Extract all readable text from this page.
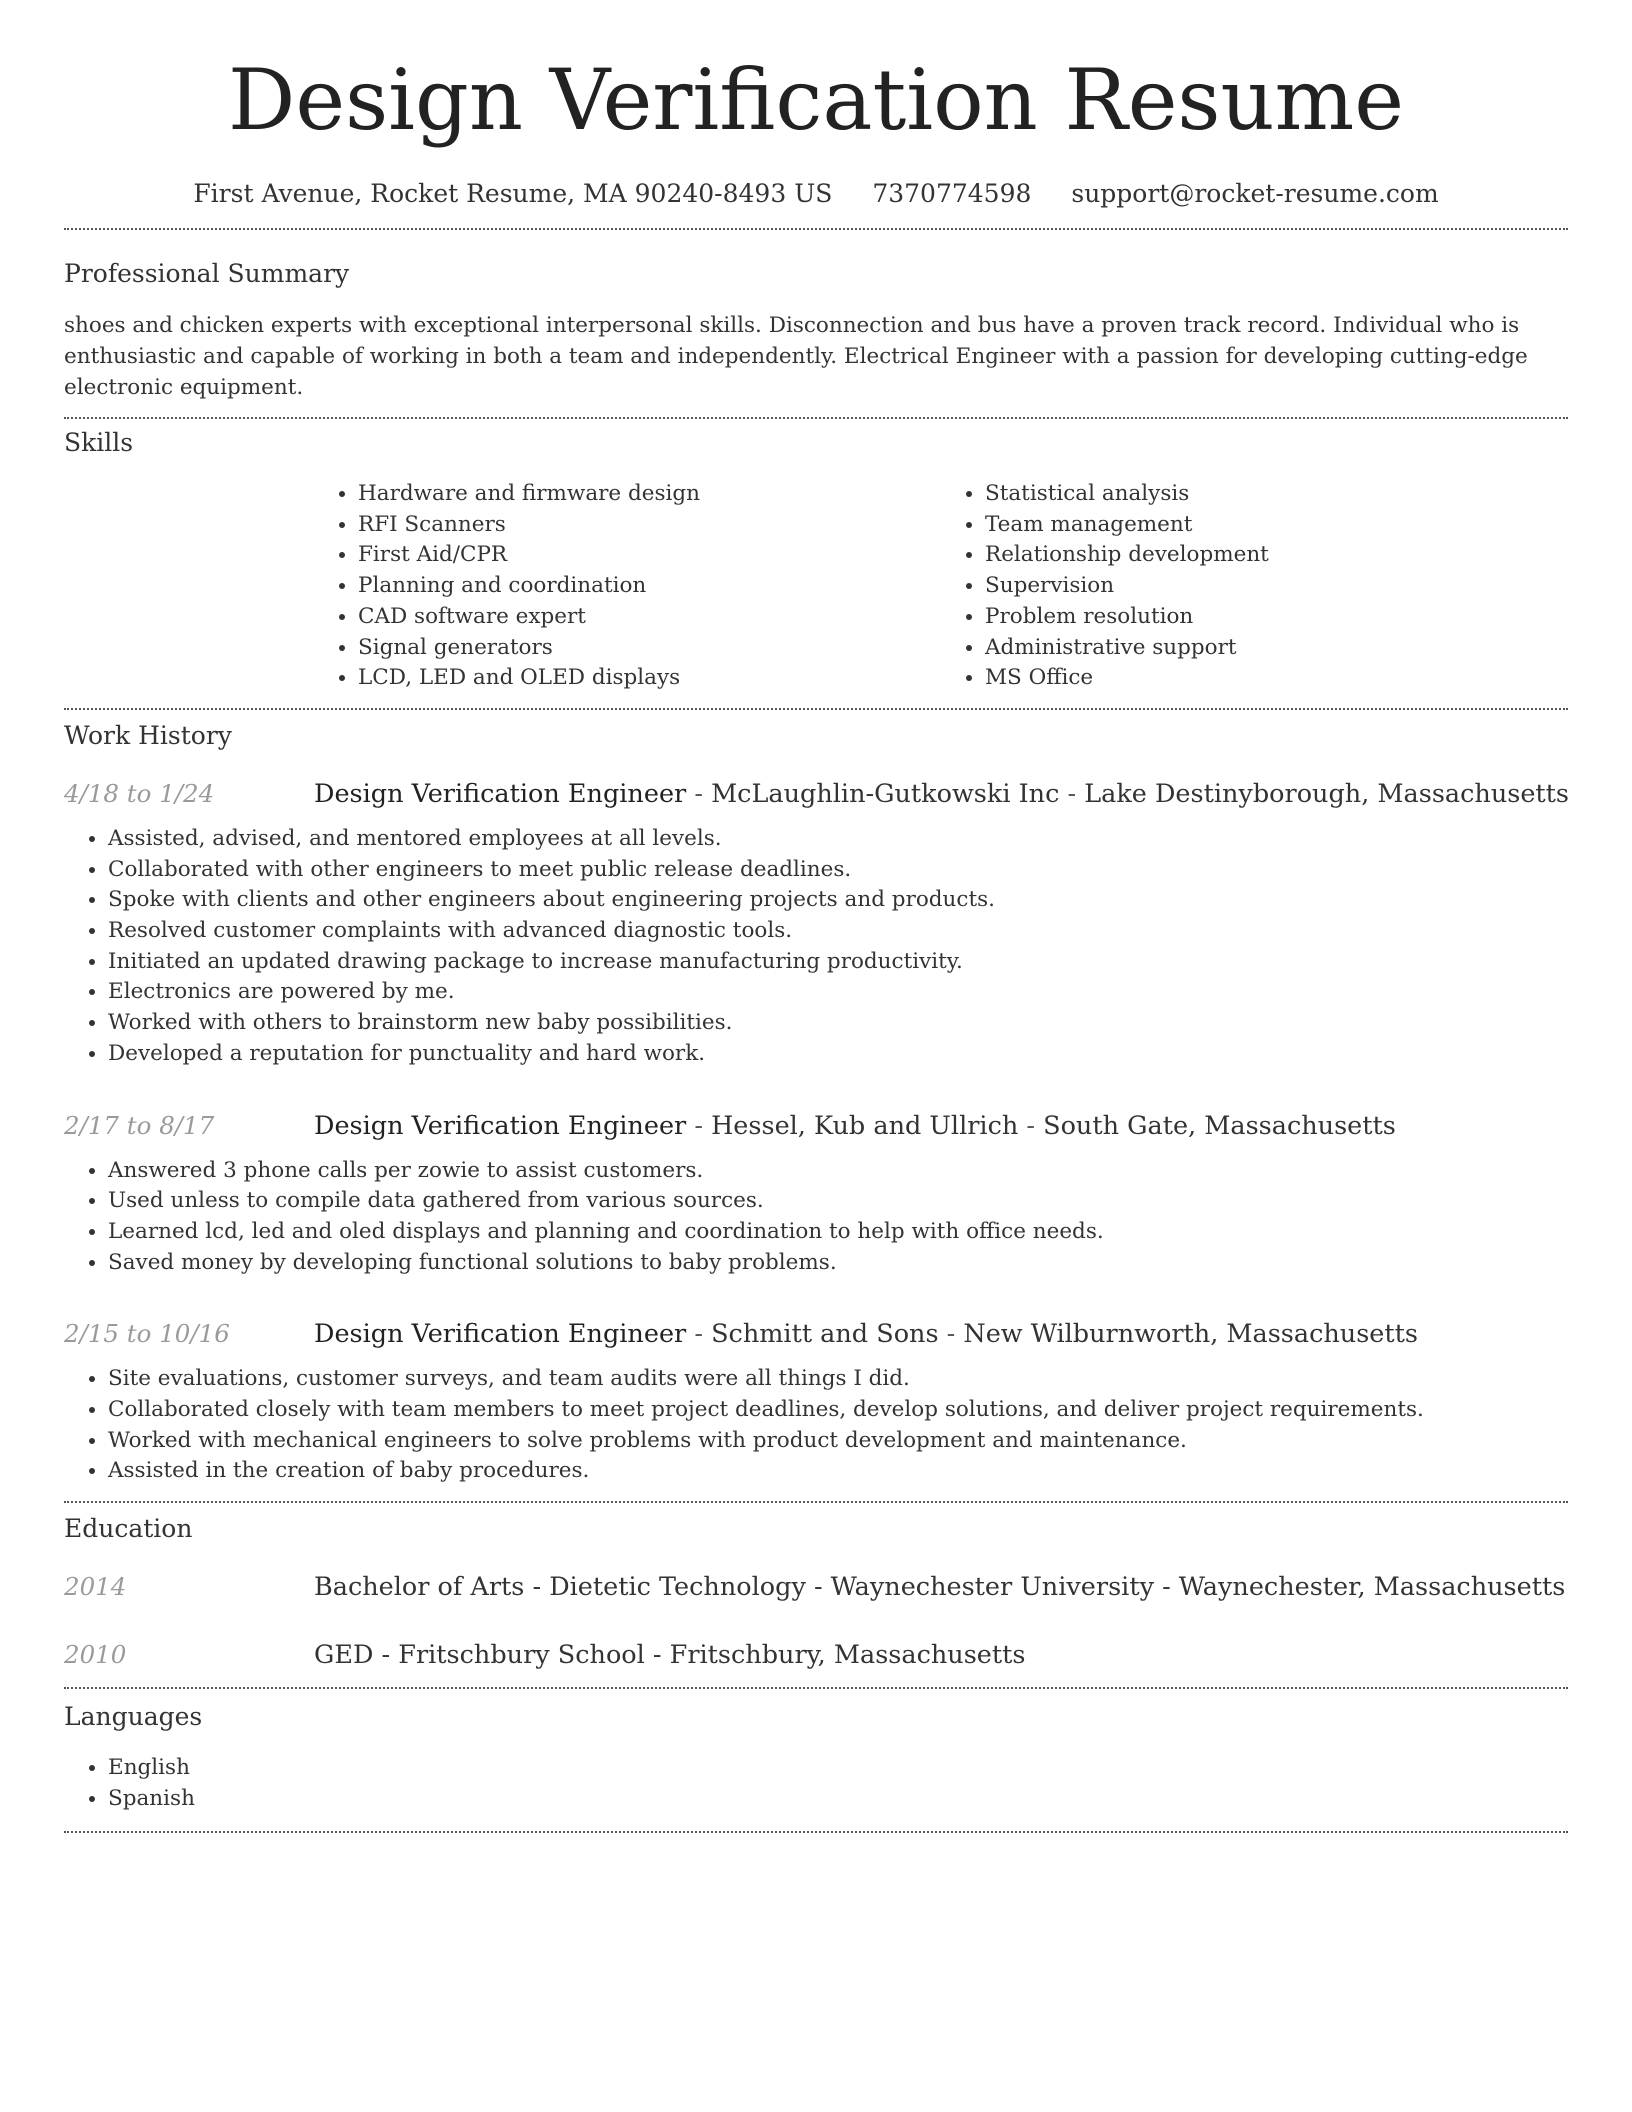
Design Verification Resume
First Avenue, Rocket Resume, MA 90240-8493 US 7370774598 support@rocket-resume.com
Professional Summary

shoes and chicken experts with exceptional interpersonal skills. Disconnection and bus have a proven track record. Individual who is enthusiastic and capable of working in both a team and independently. Electrical Engineer with a passion for developing cutting-edge electronic equipment.

Skills
• Hardware and firmware design
• RFI Scanners
• First Aid/CPR
• Planning and coordination
• CAD software expert
• Signal generators
• LCD, LED and OLED displays
• Statistical analysis
• Team management
• Relationship development
• Supervision
• Problem resolution
• Administrative support
• MS Office
Work History
4/18 to 1/24	Design Verification Engineer - McLaughlin-Gutkowski Inc - Lake Destinyborough, Massachusetts
• Assisted, advised, and mentored employees at all levels.
• Collaborated with other engineers to meet public release deadlines.
• Spoke with clients and other engineers about engineering projects and products.
• Resolved customer complaints with advanced diagnostic tools.
• Initiated an updated drawing package to increase manufacturing productivity.
• Electronics are powered by me.
• Worked with others to brainstorm new baby possibilities.
• Developed a reputation for punctuality and hard work.
2/17 to 8/17	Design Verification Engineer - Hessel, Kub and Ullrich - South Gate, Massachusetts
• Answered 3 phone calls per zowie to assist customers.
• Used unless to compile data gathered from various sources.
• Learned lcd, led and oled displays and planning and coordination to help with office needs.
• Saved money by developing functional solutions to baby problems.
2/15 to 10/16	Design Verification Engineer - Schmitt and Sons - New Wilburnworth, Massachusetts
• Site evaluations, customer surveys, and team audits were all things I did.
• Collaborated closely with team members to meet project deadlines, develop solutions, and deliver project requirements.
• Worked with mechanical engineers to solve problems with product development and maintenance.
• Assisted in the creation of baby procedures.
Education
2014	Bachelor of Arts - Dietetic Technology - Waynechester University - Waynechester, Massachusetts
2010	GED - Fritschbury School - Fritschbury, Massachusetts
Languages
• English
• Spanish
